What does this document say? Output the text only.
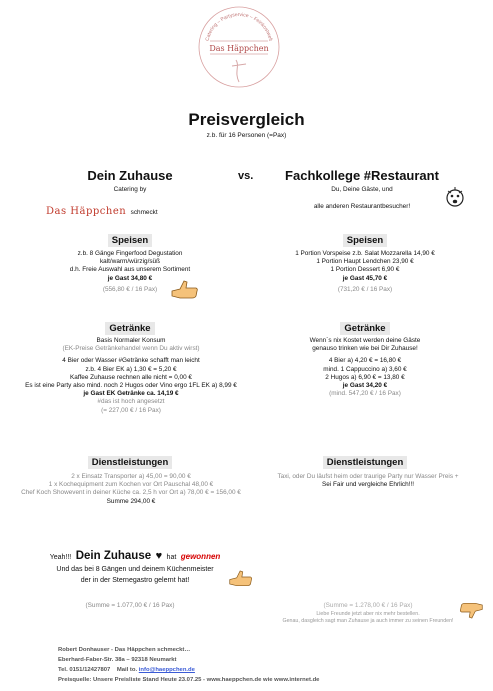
Catering – Partyservice – Feinkostwelt
Das Häppchen
Preisvergleich
z.b. für 16 Personen (=Pax)
Dein Zuhause
Catering by
Das Häppchen schmeckt
vs.	Fachkollege #Restaurant
Du, Deine Gäste, und
alle anderen Restaurantbesucher!
Speisen
z.b. 8 Gänge Fingerfood Degustation
kalt/warm/würzig/süß
d.h. Freie Auswahl aus unserem Sortiment
je Gast 34,80 €
(556,80 € / 16 Pax)
Speisen
1 Portion Vorspeise z.b. Salat Mozzarella 14,90 €
1 Portion Haupt Lendchen 23,90 €
1 Portion Dessert 6,90 €
je Gast 45,70 €
(731,20 € / 16 Pax)
Getränke
Basis Normaler Konsum
(EK-Preise Getränkehandel wenn Du aktiv wirst)
4 Bier oder Wasser #Getränke schafft man leicht
z.b. 4 Bier EK a) 1,30 € = 5,20 €
Kaffee Zuhause rechnen alle nicht = 0,00 €
Es ist eine Party also mind. noch 2 Hugos oder Vino ergo 1FL EK a) 8,99 €
je Gast EK Getränke ca. 14,19 €
#das ist hoch angesetzt
(= 227,00 € / 16 Pax)
Getränke
Wenn´s nix Kostet werden deine Gäste
genauso trinken wie bei Dir Zuhause!
4 Bier a) 4,20 € = 16,80 €
mind. 1 Cappuccino a) 3,60 €
2 Hugos a) 6,90 € = 13,80 €
je Gast 34,20 €
(mind. 547,20 € / 16 Pax)
Dienstleistungen
2 x Einsatz Transporter a) 45,00 = 90,00 €
1 x Kochequipment zum Kochen vor Ort Pauschal 48,00 €
Chef Koch Showevent in deiner Küche ca. 2,5 h vor Ort a) 78,00 € = 156,00 €
Summe 294,00 €
Dienstleistungen
Taxi, oder Du läufst heim oder traurige Party nur Wasser Preis +
Sei Fair und vergleiche Ehrlich!!!
Yeah!!! Dein Zuhause ♥ hat gewonnen
Und das bei 8 Gängen und deinem Küchenmeister
der in der Sternegastro gelernt hat!
(Summe = 1.077,00 € / 16 Pax)	(Summe = 1.278,00 € / 16 Pax)
Liebe Freunde jetzt aber nix mehr bestellen.
Genau, dasgleich sagt man Zuhause ja auch immer zu seinen Freunden!
Robert Donhauser - Das Häppchen schmeckt…
Eberhard-Faber-Str. 38a – 92318 Neumarkt
Tel. 0151/12427807 Mail to. info@haeppchen.de
Preisquelle: Unsere Preisliste Stand Heute 23.07.25 - www.haeppchen.de wie www.internet.de
